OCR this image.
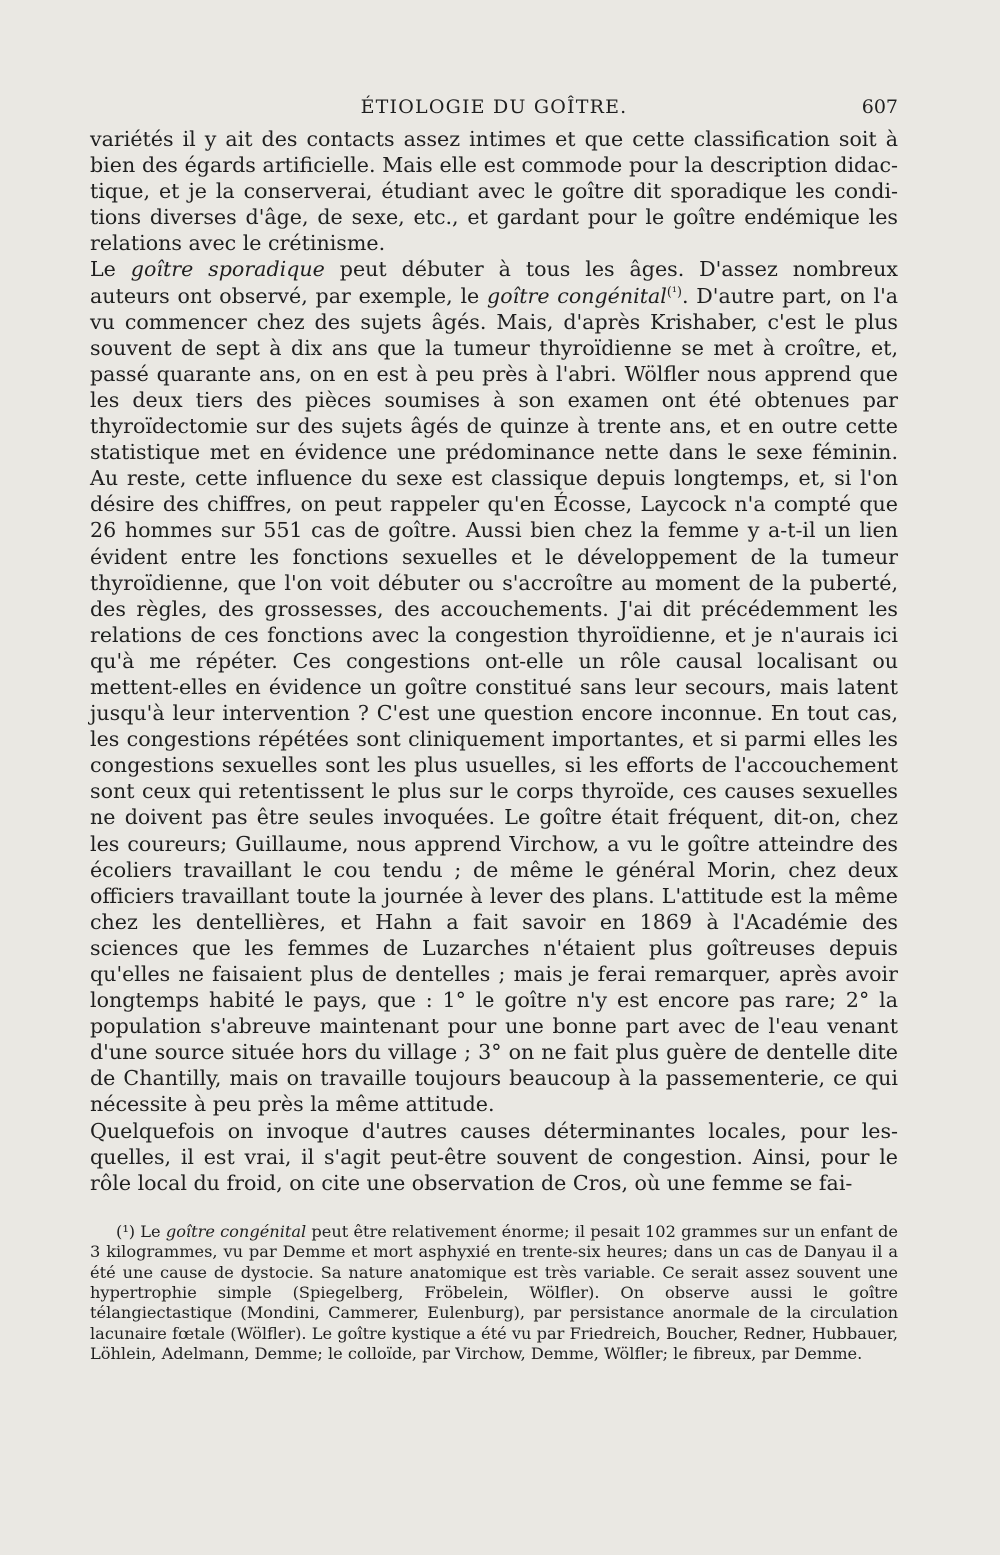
ÉTIOLOGIE DU GOÎTRE.	607

variétés il y ait des contacts assez intimes et que cette classification soit à bien des égards artificielle. Mais elle est commode pour la description didactique, et je la conserverai, étudiant avec le goître dit sporadique les conditions diverses d'âge, de sexe, etc., et gardant pour le goître endémique les relations avec le crétinisme.

Le goître sporadique peut débuter à tous les âges. D'assez nombreux auteurs ont observé, par exemple, le goître congénital$^{(^1)}$. D'autre part, on l'a vu commencer chez des sujets âgés. Mais, d'après Krishaber, c'est le plus souvent de sept à dix ans que la tumeur thyroïdienne se met à croître, et, passé quarante ans, on en est à peu près à l'abri. Wölfler nous apprend que les deux tiers des pièces soumises à son examen ont été obtenues par thyroïdectomie sur des sujets âgés de quinze à trente ans, et en outre cette statistique met en évidence une prédominance nette dans le sexe féminin. Au reste, cette influence du sexe est classique depuis longtemps, et, si l'on désire des chiffres, on peut rappeler qu'en Écosse, Laycock n'a compté que 26 hommes sur 551 cas de goître. Aussi bien chez la femme y a-t-il un lien évident entre les fonctions sexuelles et le développement de la tumeur thyroïdienne, que l'on voit débuter ou s'accroître au moment de la puberté, des règles, des grossesses, des accouchements. J'ai dit précédemment les relations de ces fonctions avec la congestion thyroïdienne, et je n'aurais ici qu'à me répéter. Ces congestions ont-elle un rôle causal localisant ou mettent-elles en évidence un goître constitué sans leur secours, mais latent jusqu'à leur intervention ? C'est une question encore inconnue. En tout cas, les congestions répétées sont cliniquement importantes, et si parmi elles les congestions sexuelles sont les plus usuelles, si les efforts de l'accouchement sont ceux qui retentissent le plus sur le corps thyroïde, ces causes sexuelles ne doivent pas être seules invoquées. Le goître était fréquent, dit-on, chez les coureurs; Guillaume, nous apprend Virchow, a vu le goître atteindre des écoliers travaillant le cou tendu ; de même le général Morin, chez deux officiers travaillant toute la journée à lever des plans. L'attitude est la même chez les dentellières, et Hahn a fait savoir en 1869 à l'Académie des sciences que les femmes de Luzarches n'étaient plus goîtreuses depuis qu'elles ne faisaient plus de dentelles ; mais je ferai remarquer, après avoir longtemps habité le pays, que : 1° le goître n'y est encore pas rare; 2° la population s'abreuve maintenant pour une bonne part avec de l'eau venant d'une source située hors du village ; 3° on ne fait plus guère de dentelle dite de Chantilly, mais on travaille toujours beaucoup à la passementerie, ce qui nécessite à peu près la même attitude.

Quelquefois on invoque d'autres causes déterminantes locales, pour lesquelles, il est vrai, il s'agit peut-être souvent de congestion. Ainsi, pour le rôle local du froid, on cite une observation de Cros, où une femme se fai-

(¹) Le goître congénital peut être relativement énorme; il pesait 102 grammes sur un enfant de 3 kilogrammes, vu par Demme et mort asphyxié en trente-six heures; dans un cas de Danyau il a été une cause de dystocie. Sa nature anatomique est très variable. Ce serait assez souvent une hypertrophie simple (Spiegelberg, Fröbelein, Wölfler). On observe aussi le goître télangiectastique (Mondini, Cammerer, Eulenburg), par persistance anormale de la circulation lacunaire fœtale (Wölfler). Le goître kystique a été vu par Friedreich, Boucher, Redner, Hubbauer, Löhlein, Adelmann, Demme; le colloïde, par Virchow, Demme, Wölfler; le fibreux, par Demme.
